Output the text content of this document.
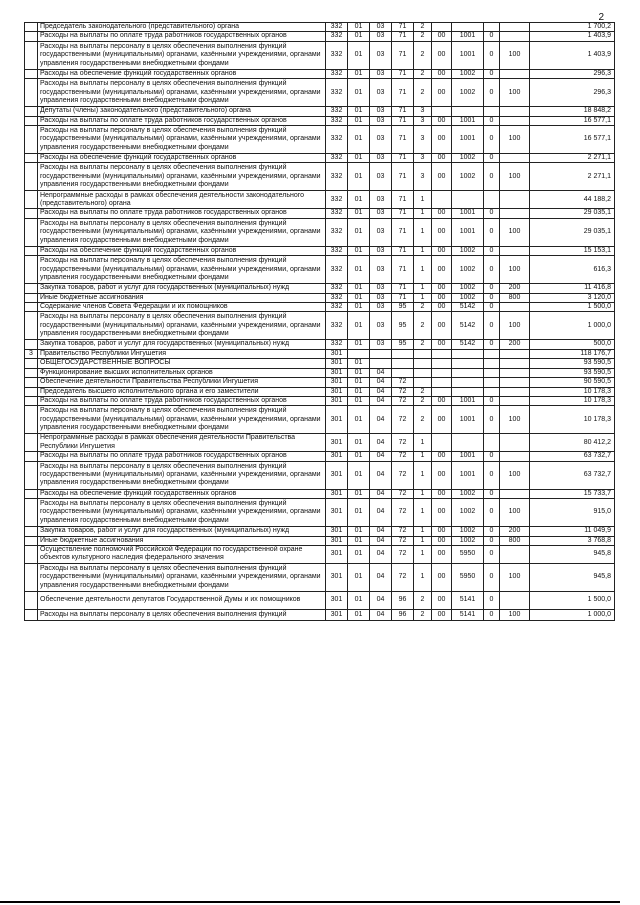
2
	Председатель законодательного (представительного) органа	332	01	03	71	2					1 700,2
	Расходы на выплаты по оплате труда работников государственных органов	332	01	03	71	2	00	1001	0		1 403,9
	Расходы на выплаты персоналу в целях обеспечения выполнения функций государственными (муниципальными) органами, казёнными учреждениями, органами управления государственными внебюджетными фондами	332	01	03	71	2	00	1001	0	100	1 403,9
	Расходы на обеспечение функций государственных органов	332	01	03	71	2	00	1002	0		296,3
	Расходы на выплаты персоналу в целях обеспечения выполнения функций государственными (муниципальными) органами, казёнными учреждениями, органами управления государственными внебюджетными фондами	332	01	03	71	2	00	1002	0	100	296,3
	Депутаты (члены) законодательного (представительного) органа	332	01	03	71	3					18 848,2
	Расходы на выплаты по оплате труда работников государственных органов	332	01	03	71	3	00	1001	0		16 577,1
	Расходы на выплаты персоналу в целях обеспечения выполнения функций государственными (муниципальными) органами, казёнными учреждениями, органами управления государственными внебюджетными фондами	332	01	03	71	3	00	1001	0	100	16 577,1
	Расходы на обеспечение функций государственных органов	332	01	03	71	3	00	1002	0		2 271,1
	Расходы на выплаты персоналу в целях обеспечения выполнения функций государственными (муниципальными) органами, казёнными учреждениями, органами управления государственными внебюджетными фондами	332	01	03	71	3	00	1002	0	100	2 271,1
	Непрограммные расходы в рамках обеспечения деятельности законодательного (представительного) органа	332	01	03	71	1					44 188,2
	Расходы на выплаты по оплате труда работников государственных органов	332	01	03	71	1	00	1001	0		29 035,1
	Расходы на выплаты персоналу в целях обеспечения выполнения функций государственными (муниципальными) органами, казёнными учреждениями, органами управления государственными внебюджетными фондами	332	01	03	71	1	00	1001	0	100	29 035,1
	Расходы на обеспечение функций государственных органов	332	01	03	71	1	00	1002	0		15 153,1
	Расходы на выплаты персоналу в целях обеспечения выполнения функций государственными (муниципальными) органами, казёнными учреждениями, органами управления государственными внебюджетными фондами	332	01	03	71	1	00	1002	0	100	616,3
	Закупка товаров, работ и услуг для государственных (муниципальных) нужд	332	01	03	71	1	00	1002	0	200	11 416,8
	Иные бюджетные ассигнования	332	01	03	71	1	00	1002	0	800	3 120,0
	Содержание членов Совета Федерации и их помощников	332	01	03	95	2	00	5142	0		1 500,0
	Расходы на выплаты персоналу в целях обеспечения выполнения функций государственными (муниципальными) органами, казёнными учреждениями, органами управления государственными внебюджетными фондами	332	01	03	95	2	00	5142	0	100	1 000,0
	Закупка товаров, работ и услуг для государственных (муниципальных) нужд	332	01	03	95	2	00	5142	0	200	500,0
3	Правительство Республики Ингушетия	301									118 176,7
	ОБЩЕГОСУДАРСТВЕННЫЕ ВОПРОСЫ	301	01								93 590,5
	Функционирование высших исполнительных органов	301	01	04							93 590,5
	Обеспечение деятельности Правительства Республики Ингушетия	301	01	04	72						90 590,5
	Председатель высшего исполнительного органа и его заместители	301	01	04	72	2					10 178,3
	Расходы на выплаты по оплате труда работников государственных органов	301	01	04	72	2	00	1001	0		10 178,3
	Расходы на выплаты персоналу в целях обеспечения выполнения функций государственными (муниципальными) органами, казёнными учреждениями, органами управления государственными внебюджетными фондами	301	01	04	72	2	00	1001	0	100	10 178,3
	Непрограммные расходы в рамках обеспечения деятельности Правительства Республики Ингушетия	301	01	04	72	1					80 412,2
	Расходы на выплаты по оплате труда работников государственных органов	301	01	04	72	1	00	1001	0		63 732,7
	Расходы на выплаты персоналу в целях обеспечения выполнения функций государственными (муниципальными) органами, казёнными учреждениями, органами управления государственными внебюджетными фондами	301	01	04	72	1	00	1001	0	100	63 732,7
	Расходы на обеспечение функций государственных органов	301	01	04	72	1	00	1002	0		15 733,7
	Расходы на выплаты персоналу в целях обеспечения выполнения функций государственными (муниципальными) органами, казёнными учреждениями, органами управления государственными внебюджетными фондами	301	01	04	72	1	00	1002	0	100	915,0
	Закупка товаров, работ и услуг для государственных (муниципальных) нужд	301	01	04	72	1	00	1002	0	200	11 049,9
	Иные бюджетные ассигнования	301	01	04	72	1	00	1002	0	800	3 768,8
	Осуществление полномочий Российской Федерации по государственной охране объектов культурного наследия федерального значения	301	01	04	72	1	00	5950	0		945,8
	Расходы на выплаты персоналу в целях обеспечения выполнения функций государственными (муниципальными) органами, казёнными учреждениями, органами управления государственными внебюджетными фондами	301	01	04	72	1	00	5950	0	100	945,8
	Обеспечение деятельности депутатов Государственной Думы и их помощников	301	01	04	96	2	00	5141	0		1 500,0
	Расходы на выплаты персоналу в целях обеспечения выполнения функций	301	01	04	96	2	00	5141	0	100	1 000,0
